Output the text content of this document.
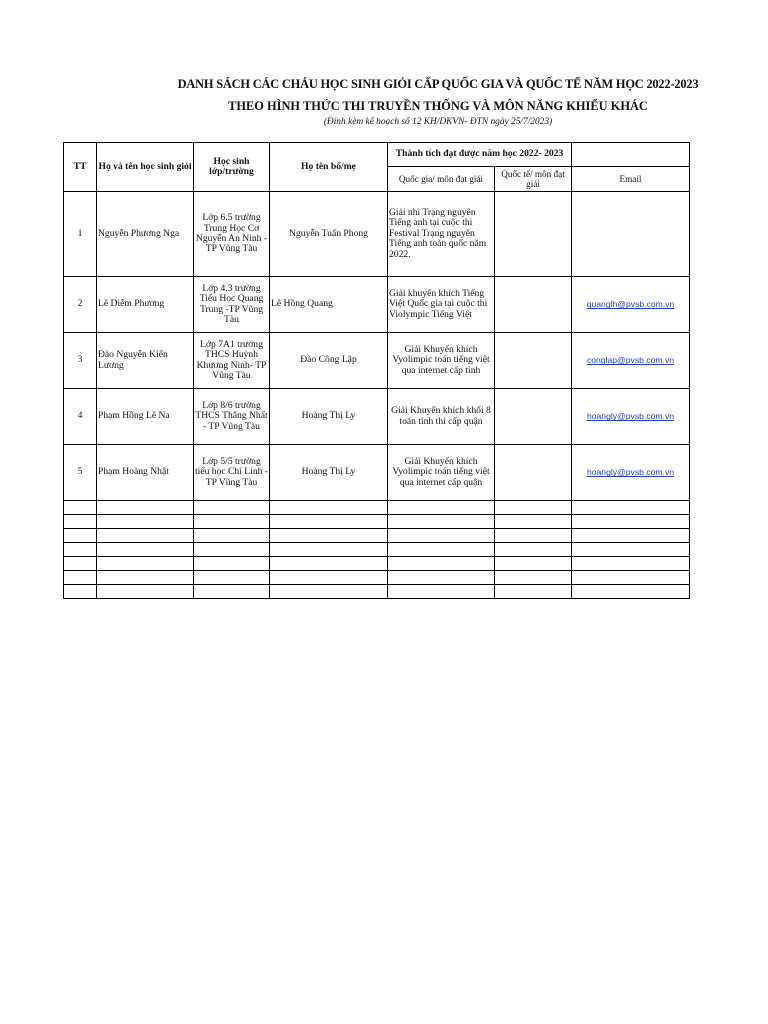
DANH SÁCH CÁC CHÁU HỌC SINH GIỎI CẤP QUỐC GIA VÀ QUỐC TẾ NĂM HỌC 2022-2023
THEO HÌNH THỨC THI TRUYỀN THỐNG VÀ MÔN NĂNG KHIẾU KHÁC
(Đính kèm kế hoạch số 12 KH/DKVN- ĐTN ngày 25/7/2023)
TT	Họ và tên học sinh giỏi	Học sinh lớp/trường	Họ tên bố/mẹ	Thành tích đạt được năm học 2022- 2023		
				Quốc gia/ môn đạt giải	Quốc tế/ môn đạt giải	Email
1	Nguyễn Phương Nga	Lớp 6.5 trường Trung Học Cơ Nguyễn An Ninh -TP Vũng Tàu	Nguyễn Tuấn Phong	Giải nhì Trạng nguyên Tiếng anh tại cuộc thi Festival Trạng nguyên Tiếng anh toàn quốc năm 2022.		
2	Lê Diễm Phương	Lớp 4.3 trường Tiểu Học Quang Trung -TP Vũng Tàu	Lê Hồng Quang	Giải khuyến khích Tiếng Việt Quốc gia tại cuộc thi Violympic Tiếng Việt		quanglh@pvsb.com.vn
3	Đào Nguyễn Kiến Lương	Lớp 7A1 trường THCS Huỳnh Khương Ninh- TP Vũng Tàu	Đào Công Lập	Giải Khuyến khích Vyolimpic toán tiếng việt qua internet cấp tỉnh		conglap@pvsb.com.vn
4	Phạm Hồng Lê Na	Lớp 8/6 trường THCS Thắng Nhất - TP Vũng Tàu	Hoàng Thị Ly	Giải Khuyến khích khối 8 toán tỉnh thi cấp quận		hoangly@pvsb.com.vn
5	Phạm Hoàng Nhật	Lớp 5/5 trường tiểu học Chí Linh - TP Vũng Tàu	Hoàng Thị Ly	Giải Khuyến khích Vyolimpic toán tiếng việt qua internet cấp quận		hoangly@pvsb.com.vn
